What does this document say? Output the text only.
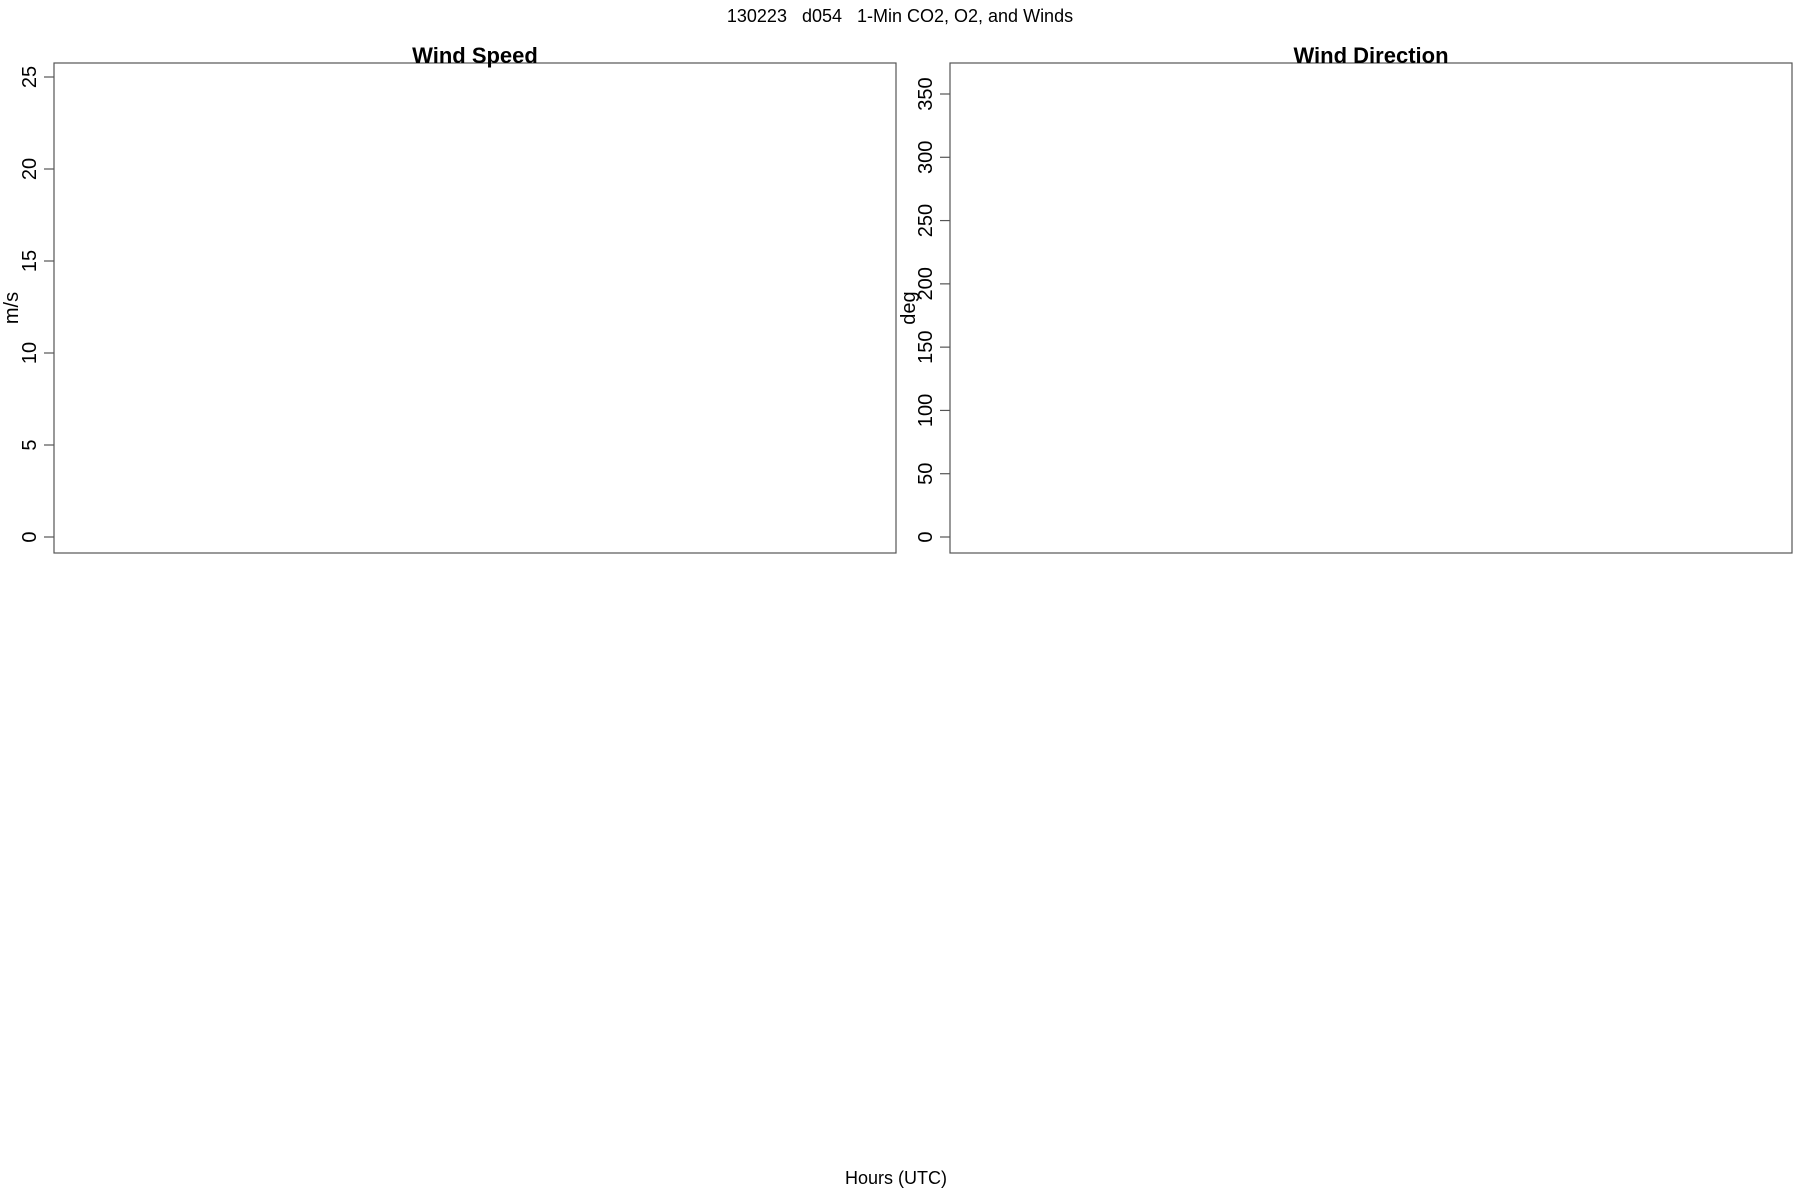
130223   d054   1-Min CO2, O2, and Winds
Wind Speed
0
5
10
15
20
25
m/s
Wind Direction
0
50
100
150
200
250
300
350
deg
Hours (UTC)
